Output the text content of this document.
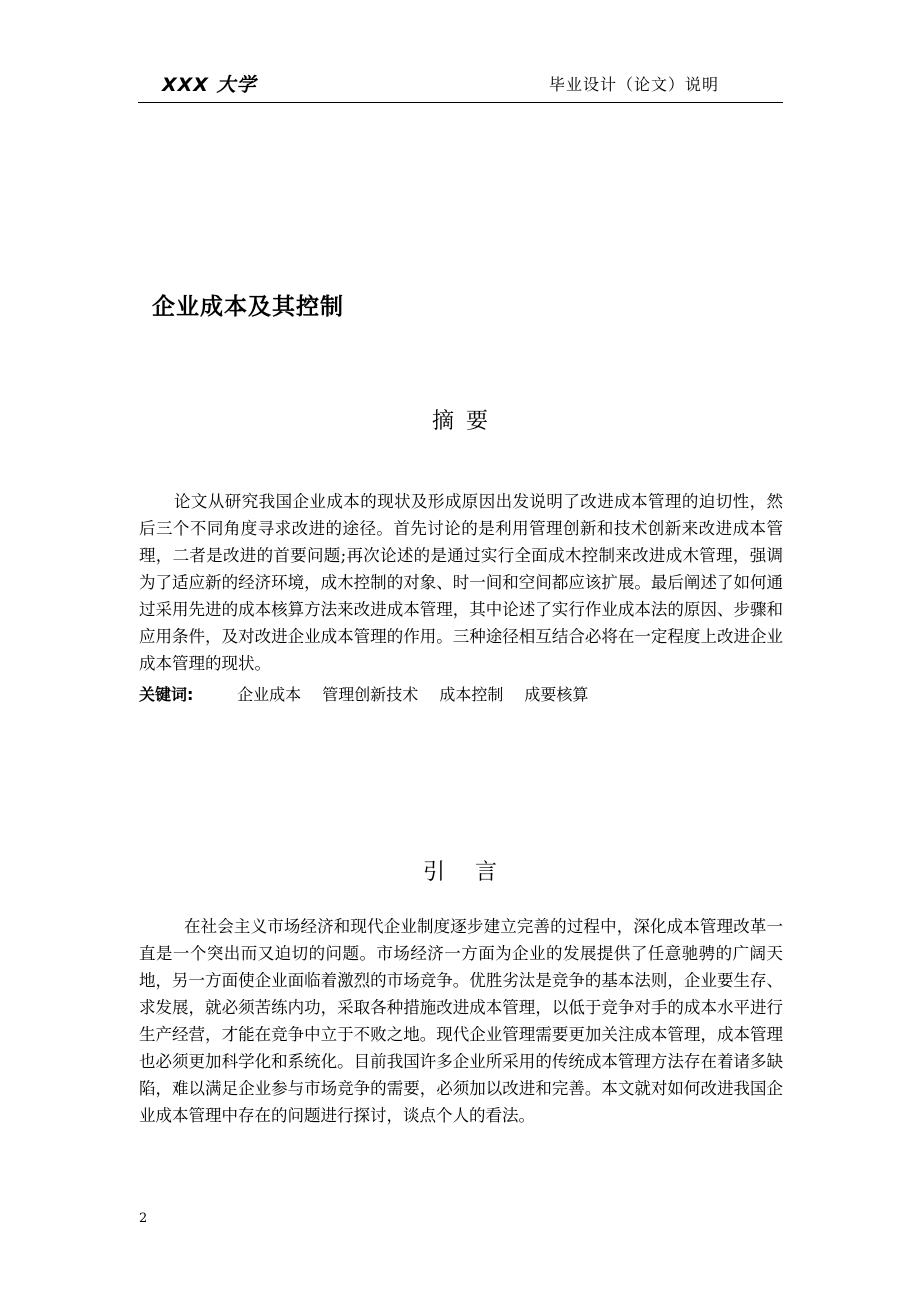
XXX 大学	毕业设计（论文）说明
企业成本及其控制
摘要

论文从研究我国企业成本的现状及形成原因出发说明了改进成本管理的迫切性，然后三个不同角度寻求改进的途径。首先讨论的是利用管理创新和技术创新来改进成本管理，二者是改进的首要问题;再次论述的是通过实行全面成木控制来改进成木管理，强调为了适应新的经济环境，成木控制的对象、时一间和空间都应该扩展。最后阐述了如何通过采用先进的成本核算方法来改进成本管理，其中论述了实行作业成本法的原因、步骤和应用条件，及对改进企业成本管理的作用。三种途径相互结合必将在一定程度上改进企业成本管理的现状。

关键词:	企业成本 管理创新技术 成本控制 成要核算
引言

在社会主义市场经济和现代企业制度逐步建立完善的过程中，深化成本管理改革一直是一个突出而又迫切的问题。市场经济一方面为企业的发展提供了任意驰骋的广阔天地，另一方面使企业面临着激烈的市场竞争。优胜劣汰是竞争的基本法则，企业要生存、求发展，就必须苦练内功，采取各种措施改进成本管理，以低于竞争对手的成本水平进行生产经营，才能在竞争中立于不败之地。现代企业管理需要更加关注成本管理，成本管理也必须更加科学化和系统化。目前我国许多企业所采用的传统成本管理方法存在着诸多缺陷，难以满足企业参与市场竞争的需要，必须加以改进和完善。本文就对如何改进我国企业成本管理中存在的问题进行探讨，谈点个人的看法。

2
